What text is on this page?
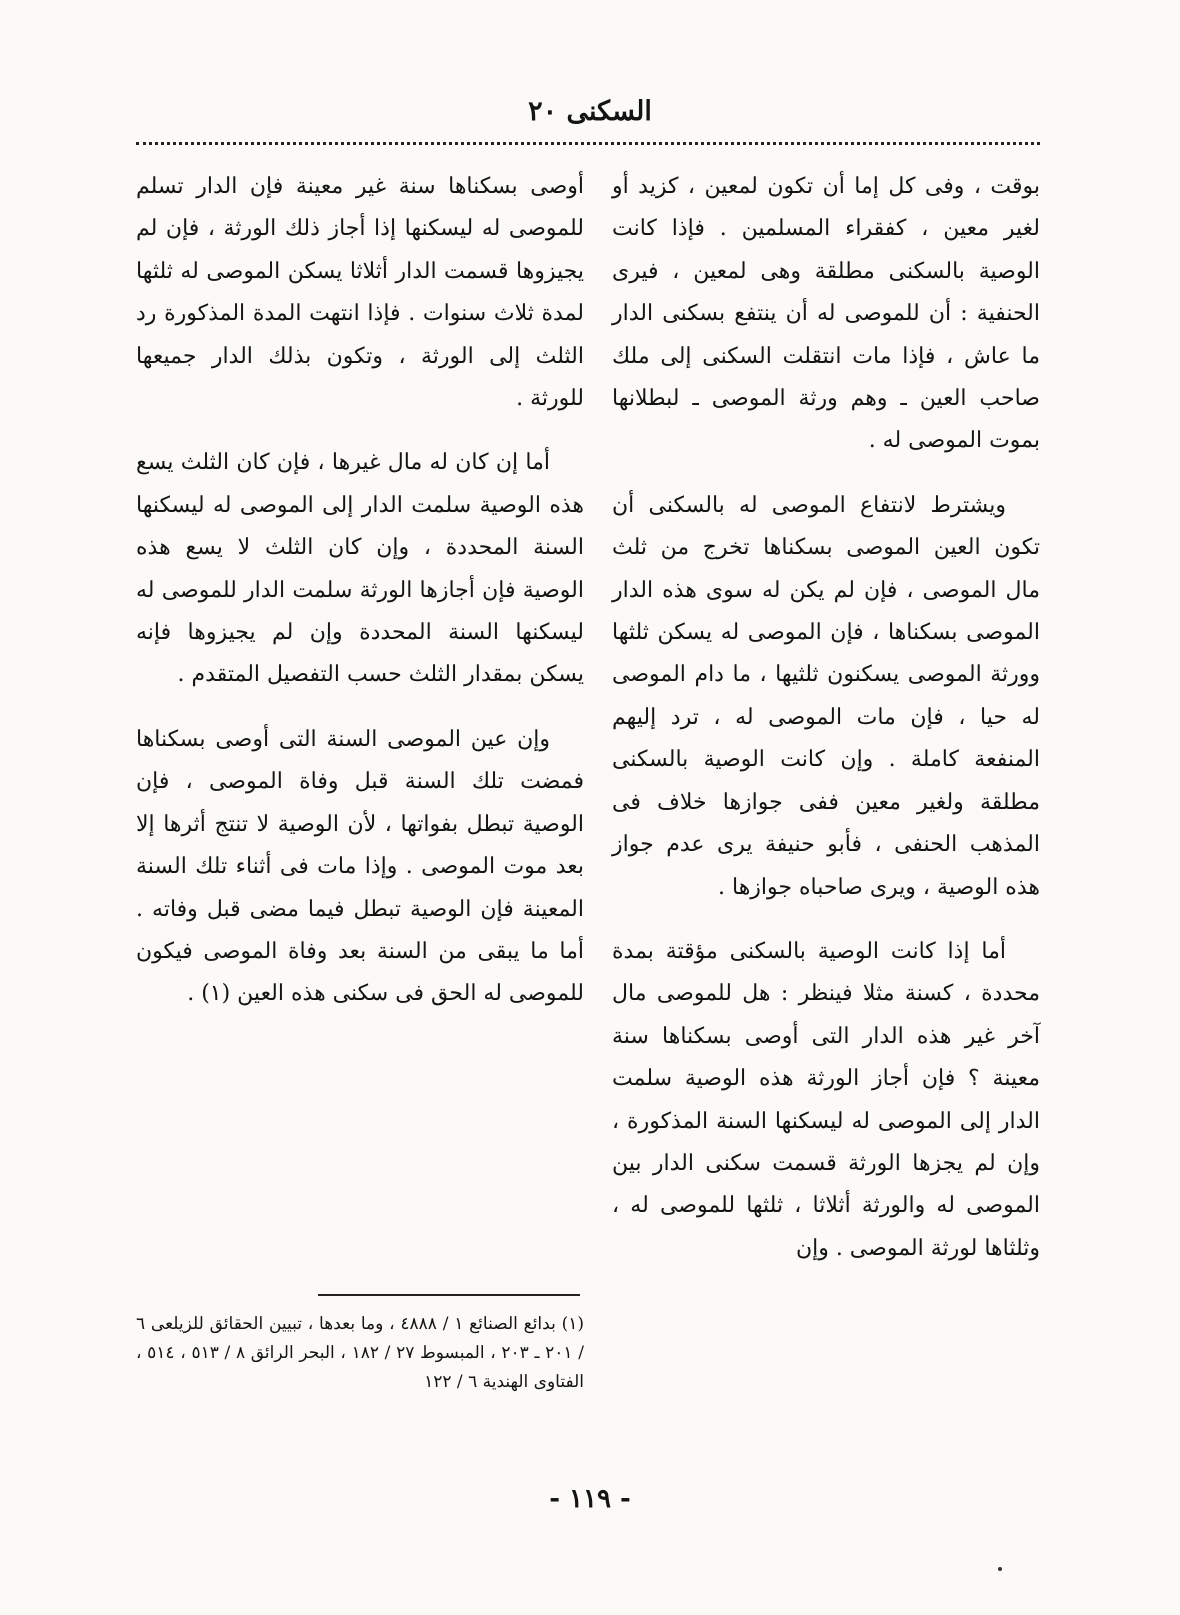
السكنى ٢٠

بوقت ، وفى كل إما أن تكون لمعين ، كزيد أو لغير معين ، كفقراء المسلمين . فإذا كانت الوصية بالسكنى مطلقة وهى لمعين ، فيرى الحنفية : أن للموصى له أن ينتفع بسكنى الدار ما عاش ، فإذا مات انتقلت السكنى إلى ملك صاحب العين ـ وهم ورثة الموصى ـ لبطلانها بموت الموصى له .

ويشترط لانتفاع الموصى له بالسكنى أن تكون العين الموصى بسكناها تخرج من ثلث مال الموصى ، فإن لم يكن له سوى هذه الدار الموصى بسكناها ، فإن الموصى له يسكن ثلثها وورثة الموصى يسكنون ثلثيها ، ما دام الموصى له حيا ، فإن مات الموصى له ، ترد إليهم المنفعة كاملة . وإن كانت الوصية بالسكنى مطلقة ولغير معين ففى جوازها خلاف فى المذهب الحنفى ، فأبو حنيفة يرى عدم جواز هذه الوصية ، ويرى صاحباه جوازها .

أما إذا كانت الوصية بالسكنى مؤقتة بمدة محددة ، كسنة مثلا فينظر : هل للموصى مال آخر غير هذه الدار التى أوصى بسكناها سنة معينة ؟ فإن أجاز الورثة هذه الوصية سلمت الدار إلى الموصى له ليسكنها السنة المذكورة ، وإن لم يجزها الورثة قسمت سكنى الدار بين الموصى له والورثة أثلاثا ، ثلثها للموصى له ، وثلثاها لورثة الموصى . وإن

أوصى بسكناها سنة غير معينة فإن الدار تسلم للموصى له ليسكنها إذا أجاز ذلك الورثة ، فإن لم يجيزوها قسمت الدار أثلاثا يسكن الموصى له ثلثها لمدة ثلاث سنوات . فإذا انتهت المدة المذكورة رد الثلث إلى الورثة ، وتكون بذلك الدار جميعها للورثة .

أما إن كان له مال غيرها ، فإن كان الثلث يسع هذه الوصية سلمت الدار إلى الموصى له ليسكنها السنة المحددة ، وإن كان الثلث لا يسع هذه الوصية فإن أجازها الورثة سلمت الدار للموصى له ليسكنها السنة المحددة وإن لم يجيزوها فإنه يسكن بمقدار الثلث حسب التفصيل المتقدم .

وإن عين الموصى السنة التى أوصى بسكناها فمضت تلك السنة قبل وفاة الموصى ، فإن الوصية تبطل بفواتها ، لأن الوصية لا تنتج أثرها إلا بعد موت الموصى . وإذا مات فى أثناء تلك السنة المعينة فإن الوصية تبطل فيما مضى قبل وفاته . أما ما يبقى من السنة بعد وفاة الموصى فيكون للموصى له الحق فى سكنى هذه العين (١) .

(١) بدائع الصنائع ١ / ٤٨٨٨ ، وما بعدها ، تبيين الحقائق للزيلعى ٦ / ٢٠١ ـ ٢٠٣ ، المبسوط ٢٧ / ١٨٢ ، البحر الرائق ٨ / ٥١٣ ، ٥١٤ ، الفتاوى الهندية ٦ / ١٢٢
- ١١٩ -
